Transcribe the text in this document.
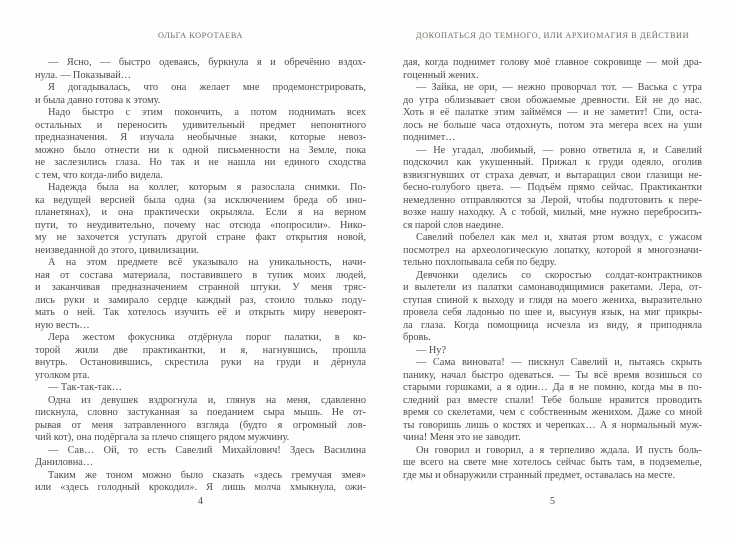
ОЛЬГА КОРОТАЕВА
— Ясно, — быстро одеваясь, буркнула я и обречённо вздох-
нула. — Показывай…
Я догадывалась, что она желает мне продемонстрировать,
и была давно готова к этому.
Надо быстро с этим покончить, а потом поднимать всех
остальных и переносить удивительный предмет непонятного
предназначения. Я изучала необычные знаки, которые невоз-
можно было отнести ни к одной письменности на Земле, пока
не заслезились глаза. Но так и не нашла ни единого сходства
с тем, что когда-либо видела.
Надежда была на коллег, которым я разослала снимки. По-
ка ведущей версией была одна (за исключением бреда об ино-
планетянах), и она практически окрыляла. Если я на верном
пути, то неудивительно, почему нас отсюда «попросили». Нико-
му не захочется уступать другой стране факт открытия новой,
неизведанной до этого, цивилизации.
А на этом предмете всё указывало на уникальность, начи-
ная от состава материала, поставившего в тупик моих людей,
и заканчивая предназначением странной штуки. У меня тряс-
лись руки и замирало сердце каждый раз, стоило только поду-
мать о ней. Так хотелось изучить её и открыть миру невероят-
ную весть…
Лера жестом фокусника отдёрнула порог палатки, в ко-
торой жили две практикантки, и я, нагнувшись, прошла
внутрь. Остановившись, скрестила руки на груди и дёрнула
уголком рта.
— Так-так-так…
Одна из девушек вздрогнула и, глянув на меня, сдавленно
пискнула, словно застуканная за поеданием сыра мышь. Не от-
рывая от меня затравленного взгляда (будто я огромный лов-
чий кот), она подёргала за плечо спящего рядом мужчину.
— Сав… Ой, то есть Савелий Михайлович! Здесь Василина
Даниловна…
Таким же тоном можно было сказать «здесь гремучая змея»
или «здесь голодный крокодил». Я лишь молча хмыкнула, ожи-
4
ДОКОПАТЬСЯ ДО ТЕМНОГО, ИЛИ АРХИОМАГИЯ В ДЕЙСТВИИ
дая, когда поднимет голову моё главное сокровище — мой дра-
гоценный жених.
— Зайка, не ори, — нежно проворчал тот. — Васька с утра
до утра облизывает свои обожаемые древности. Ей не до нас.
Хоть в её палатке этим займёмся — и не заметит! Спи, оста-
лось не больше часа отдохнуть, потом эта мегера всех на уши
поднимет…
— Не угадал, любимый, — ровно ответила я, и Савелий
подскочил как укушенный. Прижал к груди одеяло, оголив
взвизгнувших от страха девчат, и вытаращил свои глазищи не-
бесно-голубого цвета. — Подъём прямо сейчас. Практикантки
немедленно отправляются за Лерой, чтобы подготовить к пере-
возке нашу находку. А с тобой, милый, мне нужно перебросить-
ся парой слов наедине.
Савелий побелел как мел и, хватая ртом воздух, с ужасом
посмотрел на археологическую лопатку, которой я многозначи-
тельно похлопывала себя по бедру.
Девчонки оделись со скоростью солдат-контрактников
и вылетели из палатки самонаводящимися ракетами. Лера, от-
ступая спиной к выходу и глядя на моего жениха, выразительно
провела себя ладонью по шее и, высунув язык, на миг прикры-
ла глаза. Когда помощница исчезла из виду, я приподняла
бровь.
— Ну?
— Сама виновата! — пискнул Савелий и, пытаясь скрыть
панику, начал быстро одеваться. — Ты всё время возишься со
старыми горшками, а я один… Да я не помню, когда мы в по-
следний раз вместе спали! Тебе больше нравится проводить
время со скелетами, чем с собственным женихом. Даже со мной
ты говоришь лишь о костях и черепках… А я нормальный муж-
чина! Меня это не заводит.
Он говорил и говорил, а я терпеливо ждала. И пусть боль-
ше всего на свете мне хотелось сейчас быть там, в подземелье,
где мы и обнаружили странный предмет, оставалась на месте.
5
